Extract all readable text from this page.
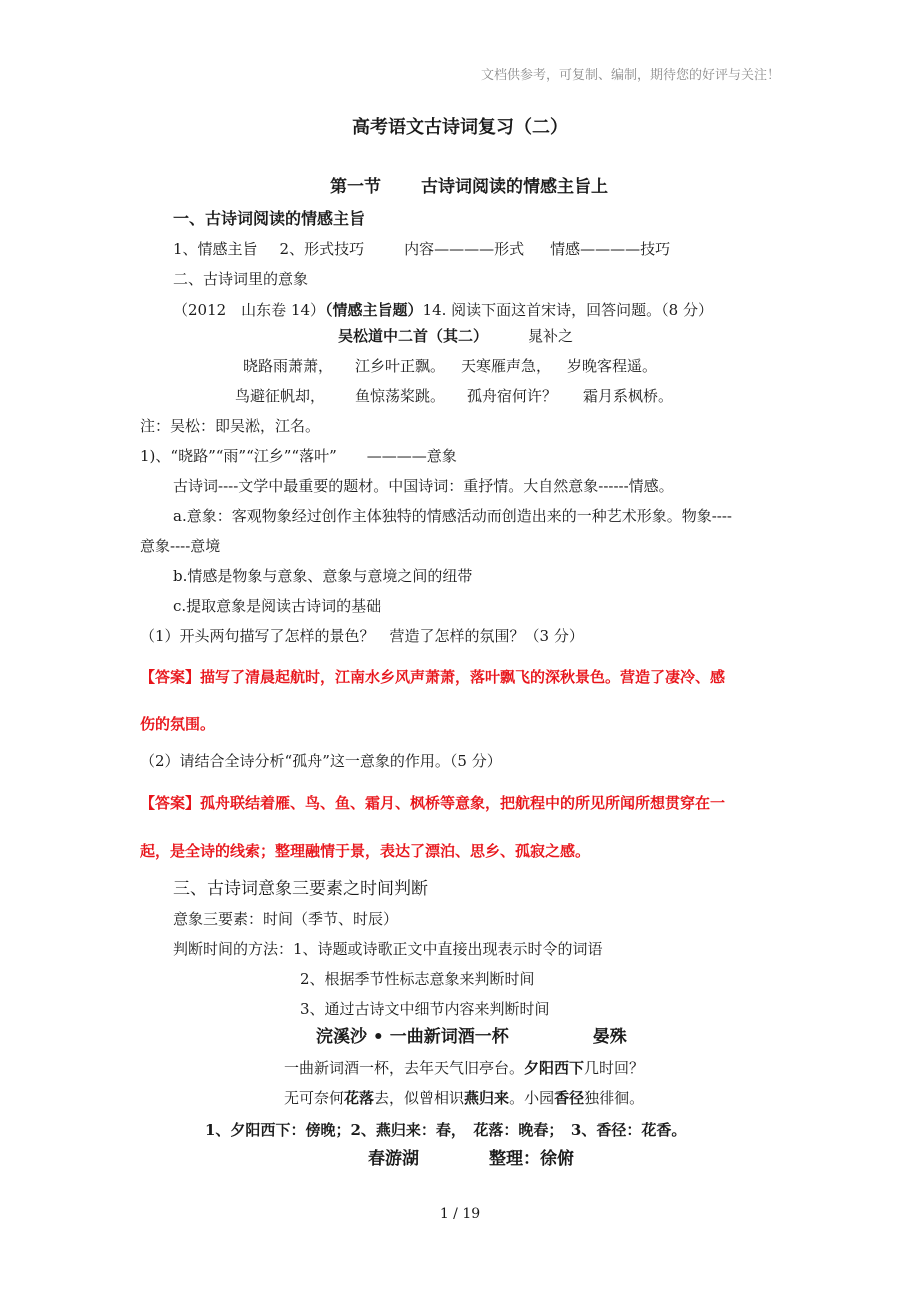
文档供参考，可复制、编制，期待您的好评与关注！
高考语文古诗词复习（二）
第一节 古诗词阅读的情感主旨上
一、古诗词阅读的情感主旨
1、情感主旨 2、形式技巧	内容————形式 情感————技巧
二、古诗词里的意象
（2012　山东卷 14）（情感主旨题）14. 阅读下面这首宋诗，回答问题。（8 分）
吴松道中二首（其二）	晁补之
晓路雨萧萧， 江乡叶正飘。 天寒雁声急， 岁晚客程遥。
鸟避征帆却， 鱼惊荡桨跳。 孤舟宿何许？ 霜月系枫桥。
注：吴松：即吴淞，江名。
1)、“晓路”“雨”“江乡”“落叶”　　————意象
古诗词----文学中最重要的题材。中国诗词：重抒情。大自然意象------情感。
a.意象：客观物象经过创作主体独特的情感活动而创造出来的一种艺术形象。物象----
意象----意境
b.情感是物象与意象、意象与意境之间的纽带
c.提取意象是阅读古诗词的基础
（1）开头两句描写了怎样的景色？　营造了怎样的氛围？（3 分）
【答案】描写了清晨起航时，江南水乡风声萧萧，落叶飘飞的深秋景色。营造了凄冷、感
伤的氛围。
（2）请结合全诗分析“孤舟”这一意象的作用。（5 分）
【答案】孤舟联结着雁、鸟、鱼、霜月、枫桥等意象，把航程中的所见所闻所想贯穿在一
起，是全诗的线索；整理融情于景，表达了漂泊、思乡、孤寂之感。
三、古诗词意象三要素之时间判断
意象三要素：时间（季节、时辰）
判断时间的方法：1、诗题或诗歌正文中直接出现表示时令的词语
2、根据季节性标志意象来判断时间
3、通过古诗文中细节内容来判断时间
浣溪沙 • 一曲新词酒一杯	晏殊
一曲新词酒一杯，去年天气旧亭台。夕阳西下几时回？
无可奈何花落去，似曾相识燕归来。小园香径独徘徊。
1、夕阳西下：傍晚；2、燕归来：春，　花落：晚春；　3、香径：花香。
春游湖	整理：徐俯
1 / 19
